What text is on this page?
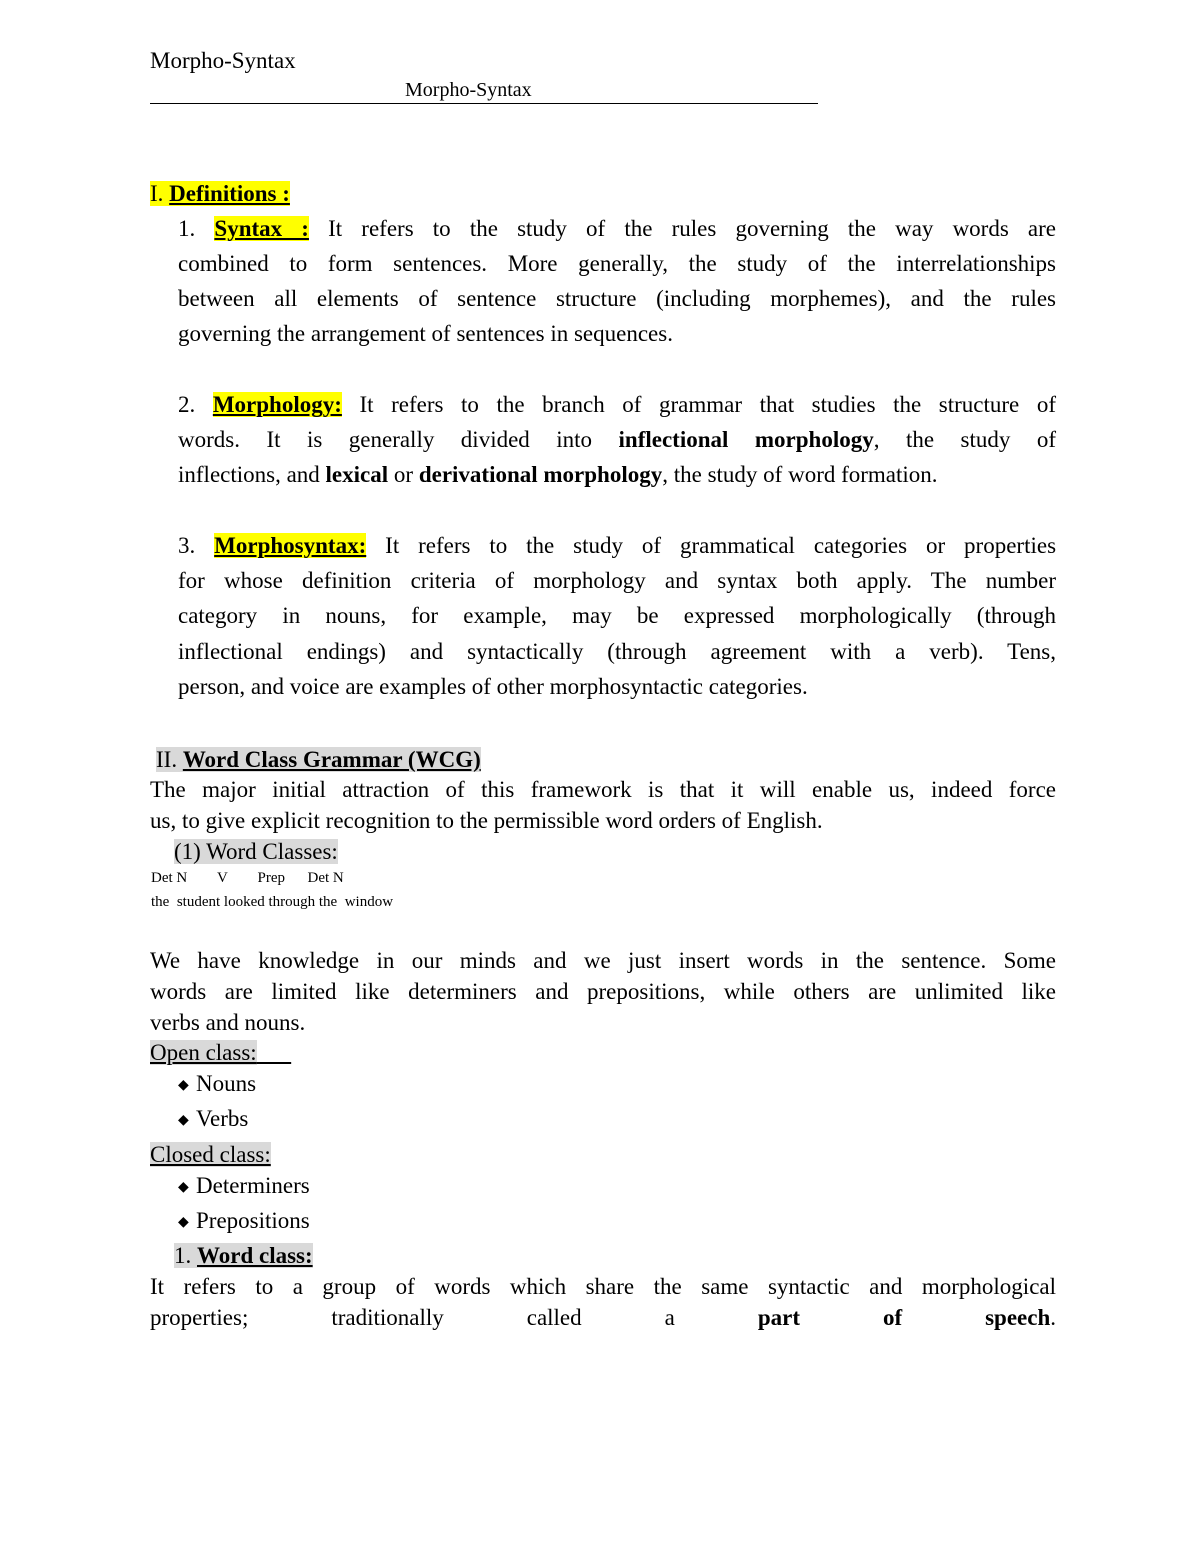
Morpho-Syntax
Morpho-Syntax
I. Definitions :
1. Syntax : It refers to the study of the rules governing the way words are
combined to form sentences. More generally, the study of the interrelationships
between all elements of sentence structure (including morphemes), and the rules
governing the arrangement of sentences in sequences.
2. Morphology: It refers to the branch of grammar that studies the structure of
words. It is generally divided into inflectional morphology, the study of
inflections, and lexical or derivational morphology, the study of word formation.
3. Morphosyntax: It refers to the study of grammatical categories or properties
for whose definition criteria of morphology and syntax both apply. The number
category in nouns, for example, may be expressed morphologically (through
inflectional endings) and syntactically (through agreement with a verb). Tens,
person, and voice are examples of other morphosyntactic categories.
II. Word Class Grammar (WCG)
The major initial attraction of this framework is that it will enable us, indeed force
us, to give explicit recognition to the permissible word orders of English.
(1) Word Classes:
Det N        V        Prep      Det N
the  student looked through the  window
We have knowledge in our minds and we just insert words in the sentence. Some
words are limited like determiners and prepositions, while others are unlimited like
verbs and nouns.
Open class:
◆ Nouns
◆ Verbs
Closed class:
◆ Determiners
◆ Prepositions
1. Word class:
It refers to a group of words which share the same syntactic and morphological
properties; traditionally called a	part of speech.
